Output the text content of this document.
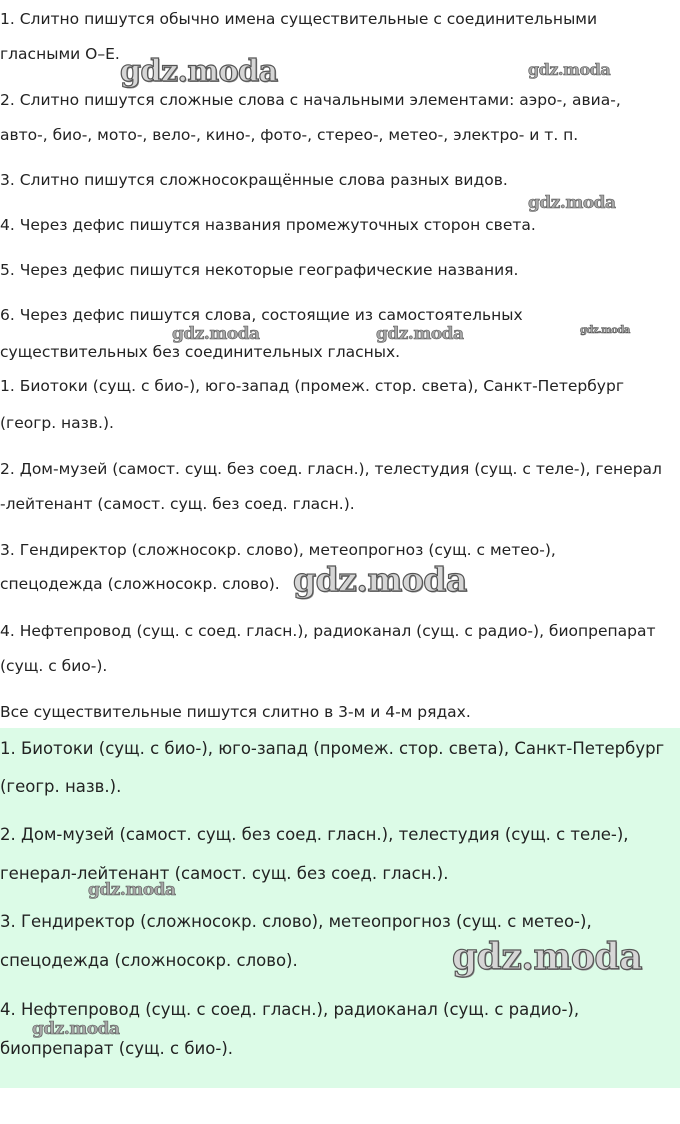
1. Слитно пишутся обычно имена существительные с соединительными
гласными О–Е.
2. Слитно пишутся сложные слова с начальными элементами: аэро-, авиа-,
авто-, био-, мото-, вело-, кино-, фото-, стерео-, метео-, электро- и т. п.
3. Слитно пишутся сложносокращённые слова разных видов.
4. Через дефис пишутся названия промежуточных сторон света.
5. Через дефис пишутся некоторые географические названия.
6. Через дефис пишутся слова, состоящие из самостоятельных
существительных без соединительных гласных.
1. Биотоки (сущ. с био-), юго-запад (промеж. стор. света), Санкт-Петербург
(геогр. назв.).
2. Дом-музей (самост. сущ. без соед. гласн.), телестудия (сущ. с теле-), генерал
-лейтенант (самост. сущ. без соед. гласн.).
3. Гендиректор (сложносокр. слово), метеопрогноз (сущ. с метео-),
спецодежда (сложносокр. слово).
4. Нефтепровод (сущ. с соед. гласн.), радиоканал (сущ. с радио-), биопрепарат
(сущ. с био-).
Все существительные пишутся слитно в 3-м и 4-м рядах.
1. Биотоки (сущ. с био-), юго-запад (промеж. стор. света), Санкт-Петербург
(геогр. назв.).
2. Дом-музей (самост. сущ. без соед. гласн.), телестудия (сущ. с теле-),
генерал-лейтенант (самост. сущ. без соед. гласн.).
3. Гендиректор (сложносокр. слово), метеопрогноз (сущ. с метео-),
спецодежда (сложносокр. слово).
4. Нефтепровод (сущ. с соед. гласн.), радиоканал (сущ. с радио-),
биопрепарат (сущ. с био-).
gdz.moda	gdz.moda
gdz.moda
gdz.moda	gdz.moda	gdz.moda
gdz.moda
gdz.moda
gdz.moda
gdz.moda
